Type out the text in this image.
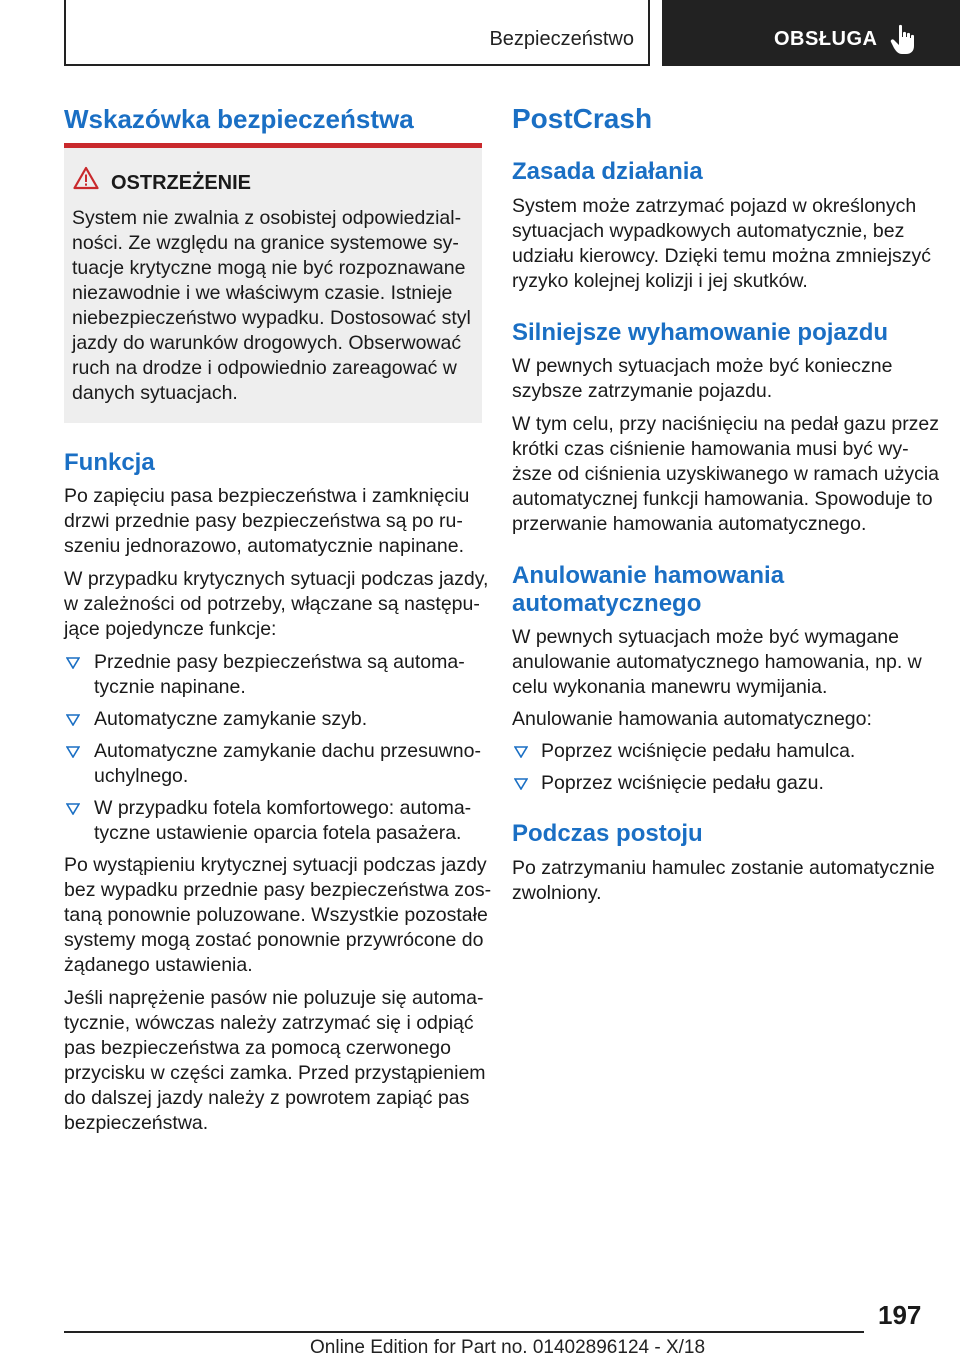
Bezpieczeństwo	OBSŁUGA
Wskazówka bezpieczeństwa
OSTRZEŻENIE
System nie zwalnia z osobistej odpowiedzial-
ności. Ze względu na granice systemowe sy-
tuacje krytyczne mogą nie być rozpoznawane
niezawodnie i we właściwym czasie. Istnieje
niebezpieczeństwo wypadku. Dostosować styl
jazdy do warunków drogowych. Obserwować
ruch na drodze i odpowiednio zareagować w
danych sytuacjach.
Funkcja
Po zapięciu pasa bezpieczeństwa i zamknięciu
drzwi przednie pasy bezpieczeństwa są po ru-
szeniu jednorazowo, automatycznie napinane.
W przypadku krytycznych sytuacji podczas jazdy,
w zależności od potrzeby, włączane są następu-
jące pojedyncze funkcje:
Przednie pasy bezpieczeństwa są automa-
tycznie napinane.
Automatyczne zamykanie szyb.
Automatyczne zamykanie dachu przesuwno-
uchylnego.
W przypadku fotela komfortowego: automa-
tyczne ustawienie oparcia fotela pasażera.
Po wystąpieniu krytycznej sytuacji podczas jazdy
bez wypadku przednie pasy bezpieczeństwa zos-
taną ponownie poluzowane. Wszystkie pozostałe
systemy mogą zostać ponownie przywrócone do
żądanego ustawienia.
Jeśli naprężenie pasów nie poluzuje się automa-
tycznie, wówczas należy zatrzymać się i odpiąć
pas bezpieczeństwa za pomocą czerwonego
przycisku w części zamka. Przed przystąpieniem
do dalszej jazdy należy z powrotem zapiąć pas
bezpieczeństwa.
PostCrash
Zasada działania
System może zatrzymać pojazd w określonych
sytuacjach wypadkowych automatycznie, bez
udziału kierowcy. Dzięki temu można zmniejszyć
ryzyko kolejnej kolizji i jej skutków.
Silniejsze wyhamowanie pojazdu
W pewnych sytuacjach może być konieczne
szybsze zatrzymanie pojazdu.
W tym celu, przy naciśnięciu na pedał gazu przez
krótki czas ciśnienie hamowania musi być wy-
ższe od ciśnienia uzyskiwanego w ramach użycia
automatycznej funkcji hamowania. Spowoduje to
przerwanie hamowania automatycznego.
Anulowanie hamowania
automatycznego
W pewnych sytuacjach może być wymagane
anulowanie automatycznego hamowania, np. w
celu wykonania manewru wymijania.
Anulowanie hamowania automatycznego:
Poprzez wciśnięcie pedału hamulca.
Poprzez wciśnięcie pedału gazu.
Podczas postoju
Po zatrzymaniu hamulec zostanie automatycznie
zwolniony.
197
Online Edition for Part no. 01402896124 - X/18
